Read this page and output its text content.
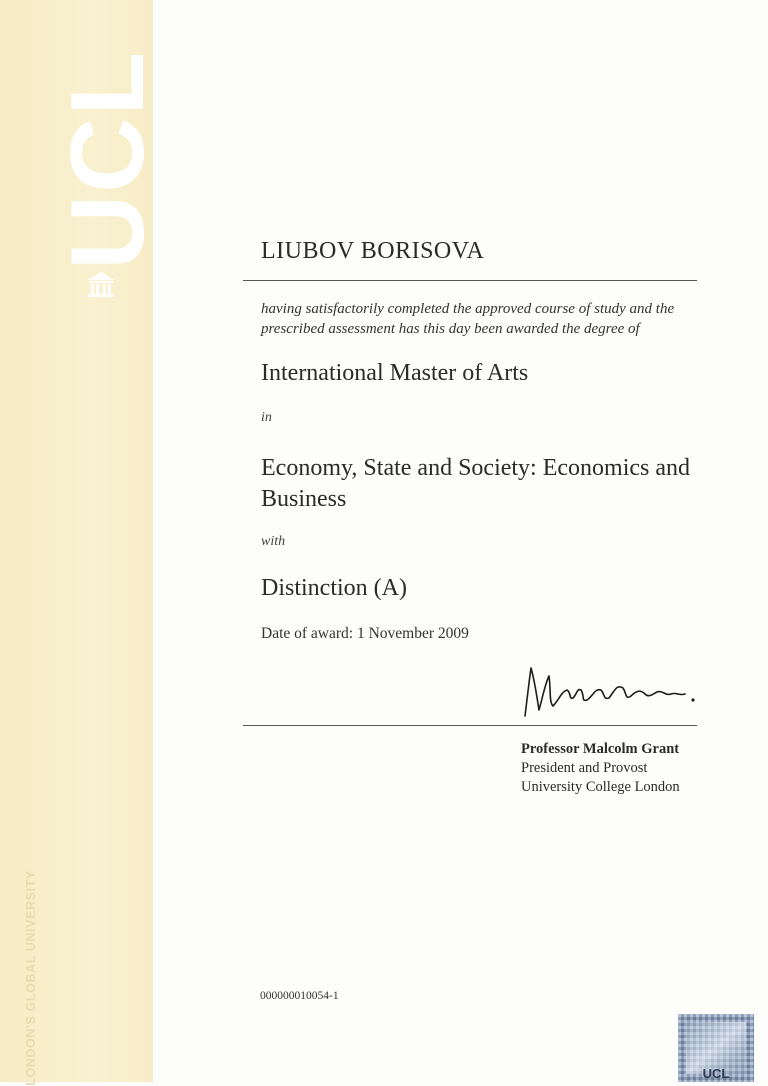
UCL
LONDON'S GLOBAL UNIVERSITY
LIUBOV BORISOVA
having satisfactorily completed the approved course of study and the prescribed assessment has this day been awarded the degree of
International Master of Arts
in
Economy, State and Society: Economics and Business
with
Distinction (A)
Date of award: 1 November 2009
Professor Malcolm Grant
President and Provost
University College London
000000010054-1
UCL
